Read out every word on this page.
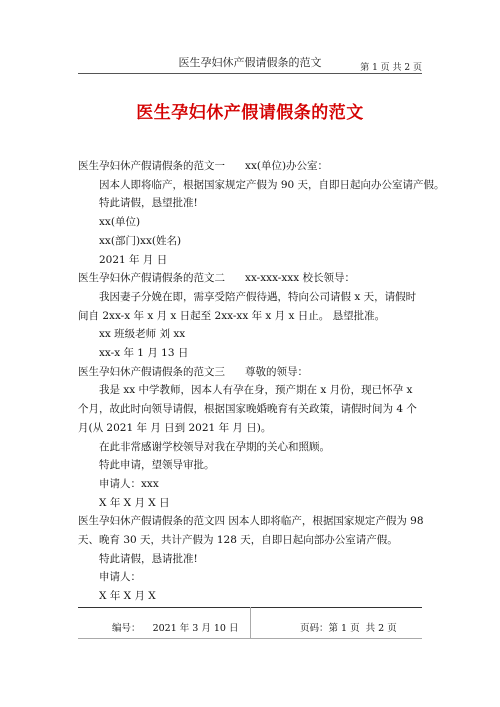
医生孕妇休产假请假条的范文	第 1 页 共 2 页
医生孕妇休产假请假条的范文
医生孕妇休产假请假条的范文一      xx(单位)办公室：
因本人即将临产，根据国家规定产假为 90 天，自即日起向办公室请产假。
特此请假，恳望批准!
xx(单位)
xx(部门)xx(姓名)
2021 年 月 日
医生孕妇休产假请假条的范文二      xx-xxx-xxx 校长领导：
我因妻子分娩在即，需享受陪产假待遇，特向公司请假 x 天，请假时间自 2xx-x 年 x 月 x 日起至 2xx-xx 年 x 月 x 日止。 恳望批准。
xx 班级老师 刘 xx
xx-x 年 1 月 13 日
医生孕妇休产假请假条的范文三      尊敬的领导：
我是 xx 中学教师，因本人有孕在身，预产期在 x 月份，现已怀孕 x 个月，故此时向领导请假，根据国家晚婚晚育有关政策，请假时间为 4 个月(从 2021 年 月 日到 2021 年 月 日)。
在此非常感谢学校领导对我在孕期的关心和照顾。
特此申请，望领导审批。
申请人：xxx
X 年 X 月 X 日
医生孕妇休产假请假条的范文四 因本人即将临产，根据国家规定产假为 98 天、晚育 30 天，共计产假为 128 天，自即日起向部办公室请产假。
特此请假，恳请批准!
申请人：
X 年 X 月 X
编号：    2021 年 3 月 10 日	页码：第 1 页  共 2 页
